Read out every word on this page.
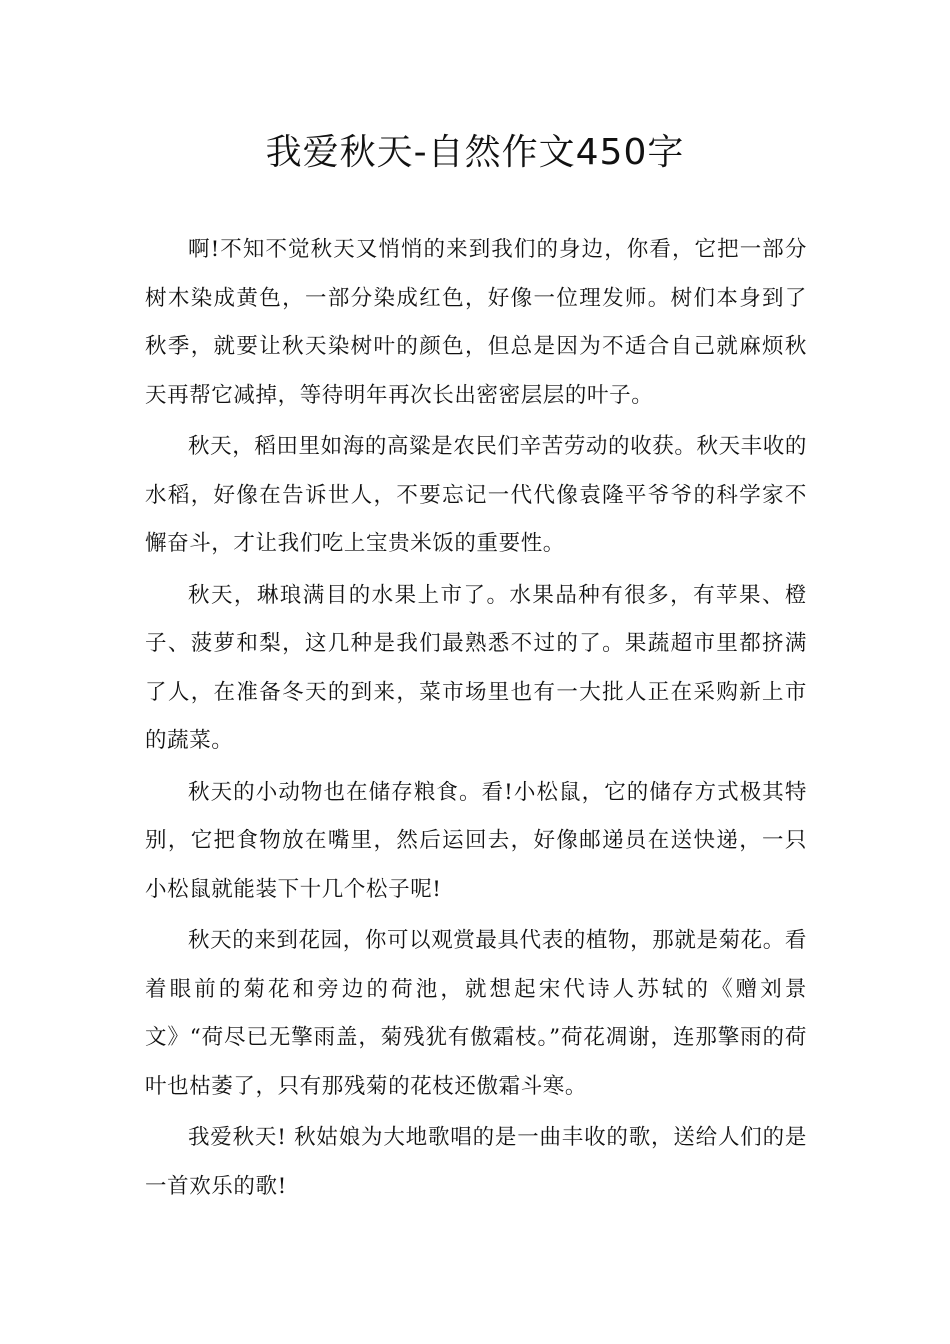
我爱秋天-自然作文450字

啊!不知不觉秋天又悄悄的来到我们的身边，你看，它把一部分树木染成黄色，一部分染成红色，好像一位理发师。树们本身到了秋季，就要让秋天染树叶的颜色，但总是因为不适合自己就麻烦秋天再帮它减掉，等待明年再次长出密密层层的叶子。

秋天，稻田里如海的高粱是农民们辛苦劳动的收获。秋天丰收的水稻，好像在告诉世人，不要忘记一代代像袁隆平爷爷的科学家不懈奋斗，才让我们吃上宝贵米饭的重要性。

秋天，琳琅满目的水果上市了。水果品种有很多，有苹果、橙子、菠萝和梨，这几种是我们最熟悉不过的了。果蔬超市里都挤满了人，在准备冬天的到来，菜市场里也有一大批人正在采购新上市的蔬菜。

秋天的小动物也在储存粮食。看!小松鼠，它的储存方式极其特别，它把食物放在嘴里，然后运回去，好像邮递员在送快递，一只小松鼠就能装下十几个松子呢!

秋天的来到花园，你可以观赏最具代表的植物，那就是菊花。看着眼前的菊花和旁边的荷池，就想起宋代诗人苏轼的《赠刘景文》“荷尽已无擎雨盖，菊残犹有傲霜枝。”荷花凋谢，连那擎雨的荷叶也枯萎了，只有那残菊的花枝还傲霜斗寒。

我爱秋天! 秋姑娘为大地歌唱的是一曲丰收的歌，送给人们的是一首欢乐的歌!
